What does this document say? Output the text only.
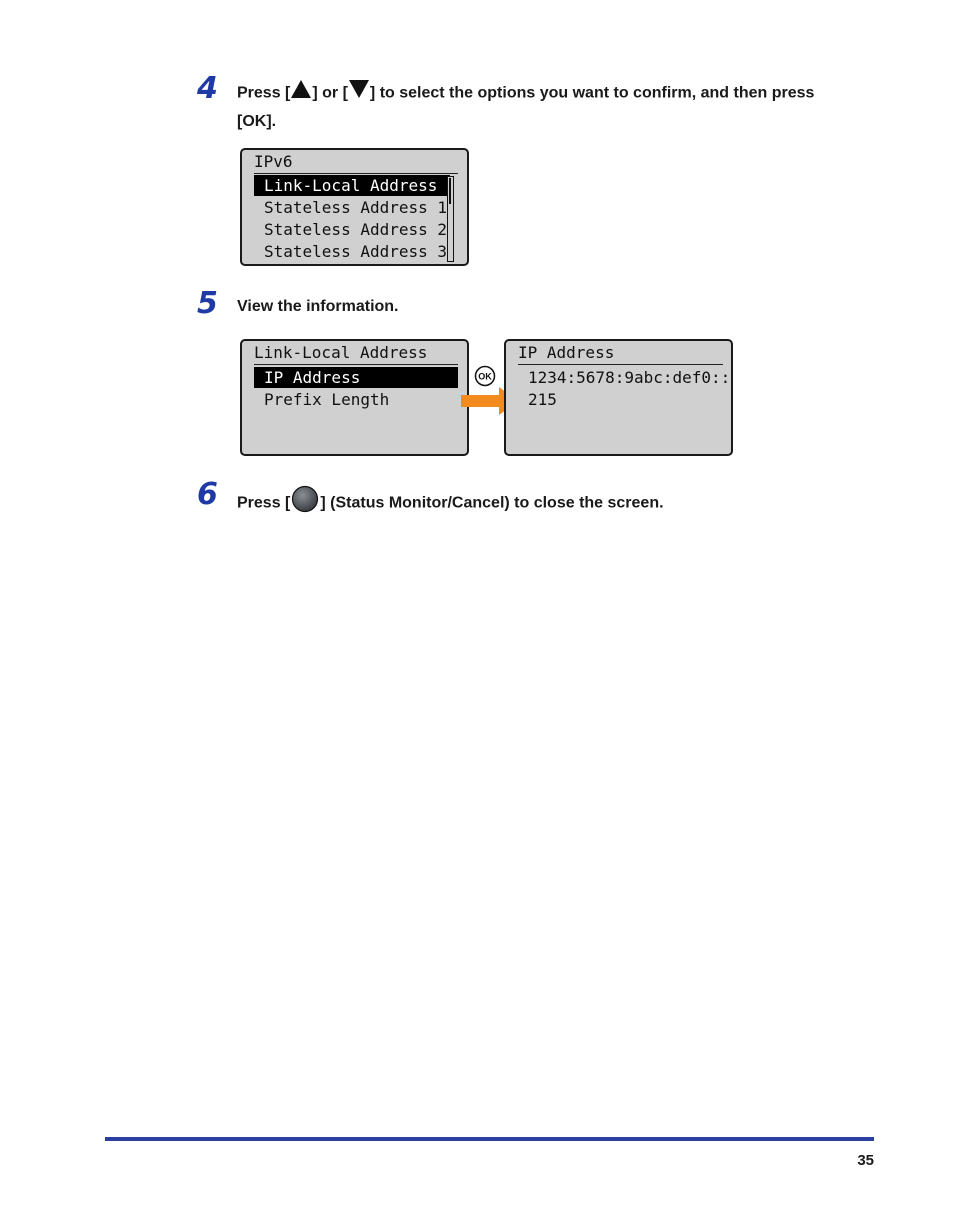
4 Press [ ] or [ ] to select the options you want to confirm, and then press
[OK].
IPv6
Link-Local Address
Stateless Address 1
Stateless Address 2
Stateless Address 3
5 View the information.
Link-Local Address
IP Address
Prefix Length
OK
IP Address
1234:5678:9abc:def0::
215
6 Press [ ] (Status Monitor/Cancel) to close the screen.
35
